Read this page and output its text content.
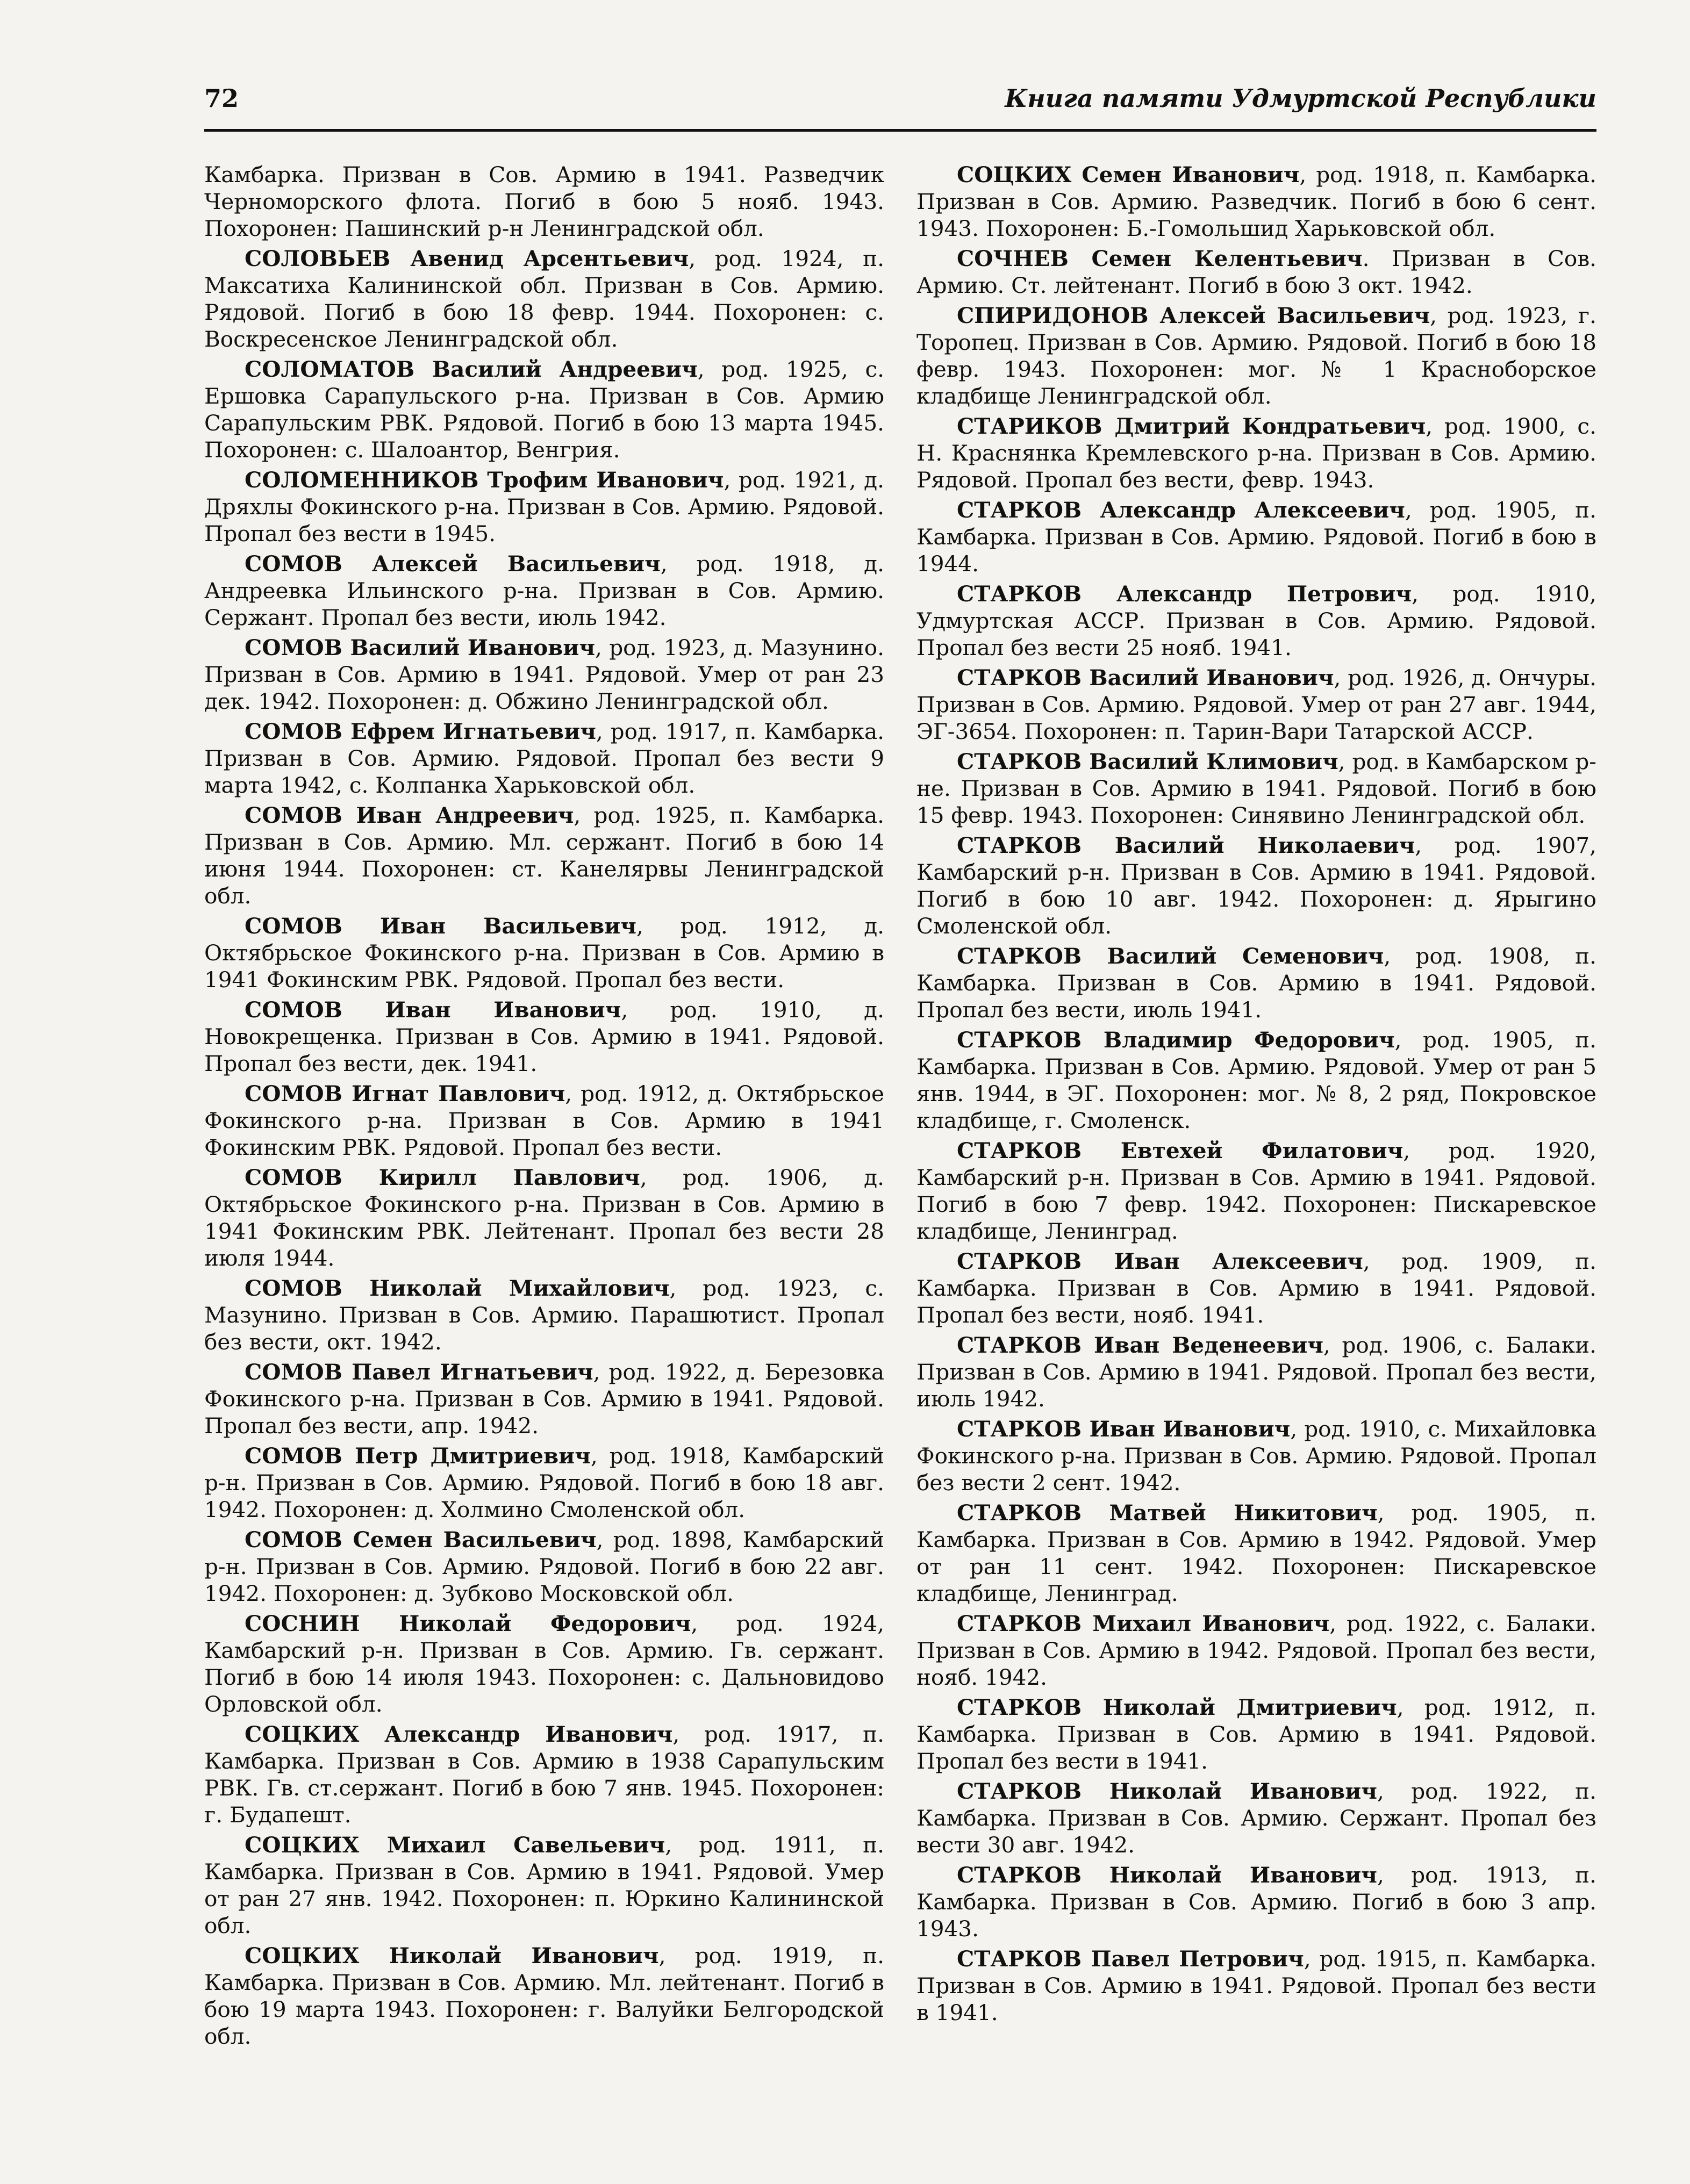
72	Книга памяти Удмуртской Республики

Камбарка. Призван в Сов. Армию в 1941. Разведчик Черноморского флота. Погиб в бою 5 нояб. 1943. Похоронен: Пашинский р-н Ленинградской обл.

СОЛОВЬЕВ Авенид Арсентьевич, род. 1924, п. Максатиха Калининской обл. Призван в Сов. Армию. Рядовой. Погиб в бою 18 февр. 1944. Похоронен: с. Воскресенское Ленинградской обл.

СОЛОМАТОВ Василий Андреевич, род. 1925, с. Ершовка Сарапульского р-на. Призван в Сов. Армию Сарапульским РВК. Рядовой. Погиб в бою 13 марта 1945. Похоронен: с. Шалоантор, Венгрия.

СОЛОМЕННИКОВ Трофим Иванович, род. 1921, д. Дряхлы Фокинского р-на. Призван в Сов. Армию. Рядовой. Пропал без вести в 1945.

СОМОВ Алексей Васильевич, род. 1918, д. Андреевка Ильинского р-на. Призван в Сов. Армию. Сержант. Пропал без вести, июль 1942.

СОМОВ Василий Иванович, род. 1923, д. Мазунино. Призван в Сов. Армию в 1941. Рядовой. Умер от ран 23 дек. 1942. Похоронен: д. Обжино Ленинградской обл.

СОМОВ Ефрем Игнатьевич, род. 1917, п. Камбарка. Призван в Сов. Армию. Рядовой. Пропал без вести 9 марта 1942, с. Колпанка Харьковской обл.

СОМОВ Иван Андреевич, род. 1925, п. Камбарка. Призван в Сов. Армию. Мл. сержант. Погиб в бою 14 июня 1944. Похоронен: ст. Канелярвы Ленинградской обл.

СОМОВ Иван Васильевич, род. 1912, д. Октябрьское Фокинского р-на. Призван в Сов. Армию в 1941 Фокинским РВК. Рядовой. Пропал без вести.

СОМОВ Иван Иванович, род. 1910, д. Новокрещенка. Призван в Сов. Армию в 1941. Рядовой. Пропал без вести, дек. 1941.

СОМОВ Игнат Павлович, род. 1912, д. Октябрьское Фокинского р-на. Призван в Сов. Армию в 1941 Фокинским РВК. Рядовой. Пропал без вести.

СОМОВ Кирилл Павлович, род. 1906, д. Октябрьское Фокинского р-на. Призван в Сов. Армию в 1941 Фокинским РВК. Лейтенант. Пропал без вести 28 июля 1944.

СОМОВ Николай Михайлович, род. 1923, с. Мазунино. Призван в Сов. Армию. Парашютист. Пропал без вести, окт. 1942.

СОМОВ Павел Игнатьевич, род. 1922, д. Березовка Фокинского р-на. Призван в Сов. Армию в 1941. Рядовой. Пропал без вести, апр. 1942.

СОМОВ Петр Дмитриевич, род. 1918, Камбарский р-н. Призван в Сов. Армию. Рядовой. Погиб в бою 18 авг. 1942. Похоронен: д. Холмино Смоленской обл.

СОМОВ Семен Васильевич, род. 1898, Камбарский р-н. Призван в Сов. Армию. Рядовой. Погиб в бою 22 авг. 1942. Похоронен: д. Зубково Московской обл.

СОСНИН Николай Федорович, род. 1924, Камбарский р-н. Призван в Сов. Армию. Гв. сержант. Погиб в бою 14 июля 1943. Похоронен: с. Дальновидово Орловской обл.

СОЦКИХ Александр Иванович, род. 1917, п. Камбарка. Призван в Сов. Армию в 1938 Сарапульским РВК. Гв. ст.сержант. Погиб в бою 7 янв. 1945. Похоронен: г. Будапешт.

СОЦКИХ Михаил Савельевич, род. 1911, п. Камбарка. Призван в Сов. Армию в 1941. Рядовой. Умер от ран 27 янв. 1942. Похоронен: п. Юркино Калининской обл.

СОЦКИХ Николай Иванович, род. 1919, п. Камбарка. Призван в Сов. Армию. Мл. лейтенант. Погиб в бою 19 марта 1943. Похоронен: г. Валуйки Белгородской обл.

СОЦКИХ Семен Иванович, род. 1918, п. Камбарка. Призван в Сов. Армию. Разведчик. Погиб в бою 6 сент. 1943. Похоронен: Б.-Гомольшид Харьковской обл.

СОЧНЕВ Семен Келентьевич. Призван в Сов. Армию. Ст. лейтенант. Погиб в бою 3 окт. 1942.

СПИРИДОНОВ Алексей Васильевич, род. 1923, г. Торопец. Призван в Сов. Армию. Рядовой. Погиб в бою 18 февр. 1943. Похоронен: мог. № 1 Краснoборское кладбище Ленинградской обл.

СТАРИКОВ Дмитрий Кондратьевич, род. 1900, с. Н. Краснянка Кремлевского р-на. Призван в Сов. Армию. Рядовой. Пропал без вести, февр. 1943.

СТАРКОВ Александр Алексеевич, род. 1905, п. Камбарка. Призван в Сов. Армию. Рядовой. Погиб в бою в 1944.

СТАРКОВ Александр Петрович, род. 1910, Удмуртская АССР. Призван в Сов. Армию. Рядовой. Пропал без вести 25 нояб. 1941.

СТАРКОВ Василий Иванович, род. 1926, д. Ончуры. Призван в Сов. Армию. Рядовой. Умер от ран 27 авг. 1944, ЭГ-3654. Похоронен: п. Тарин-Вари Татарской АССР.

СТАРКОВ Василий Климович, род. в Камбарском р-не. Призван в Сов. Армию в 1941. Рядовой. Погиб в бою 15 февр. 1943. Похоронен: Синявино Ленинградской обл.

СТАРКОВ Василий Николаевич, род. 1907, Камбарский р-н. Призван в Сов. Армию в 1941. Рядовой. Погиб в бою 10 авг. 1942. Похоронен: д. Ярыгино Смоленской обл.

СТАРКОВ Василий Семенович, род. 1908, п. Камбарка. Призван в Сов. Армию в 1941. Рядовой. Пропал без вести, июль 1941.

СТАРКОВ Владимир Федорович, род. 1905, п. Камбарка. Призван в Сов. Армию. Рядовой. Умер от ран 5 янв. 1944, в ЭГ. Похоронен: мог. № 8, 2 ряд, Покровское кладбище, г. Смоленск.

СТАРКОВ Евтехей Филатович, род. 1920, Камбарский р-н. Призван в Сов. Армию в 1941. Рядовой. Погиб в бою 7 февр. 1942. Похоронен: Пискаревское кладбище, Ленинград.

СТАРКОВ Иван Алексеевич, род. 1909, п. Камбарка. Призван в Сов. Армию в 1941. Рядовой. Пропал без вести, нояб. 1941.

СТАРКОВ Иван Веденеевич, род. 1906, с. Балаки. Призван в Сов. Армию в 1941. Рядовой. Пропал без вести, июль 1942.

СТАРКОВ Иван Иванович, род. 1910, с. Михайловка Фокинского р-на. Призван в Сов. Армию. Рядовой. Пропал без вести 2 сент. 1942.

СТАРКОВ Матвей Никитович, род. 1905, п. Камбарка. Призван в Сов. Армию в 1942. Рядовой. Умер от ран 11 сент. 1942. Похоронен: Пискаревское кладбище, Ленинград.

СТАРКОВ Михаил Иванович, род. 1922, с. Балаки. Призван в Сов. Армию в 1942. Рядовой. Пропал без вести, нояб. 1942.

СТАРКОВ Николай Дмитриевич, род. 1912, п. Камбарка. Призван в Сов. Армию в 1941. Рядовой. Пропал без вести в 1941.

СТАРКОВ Николай Иванович, род. 1922, п. Камбарка. Призван в Сов. Армию. Сержант. Пропал без вести 30 авг. 1942.

СТАРКОВ Николай Иванович, род. 1913, п. Камбарка. Призван в Сов. Армию. Погиб в бою 3 апр. 1943.

СТАРКОВ Павел Петрович, род. 1915, п. Камбарка. Призван в Сов. Армию в 1941. Рядовой. Пропал без вести в 1941.
